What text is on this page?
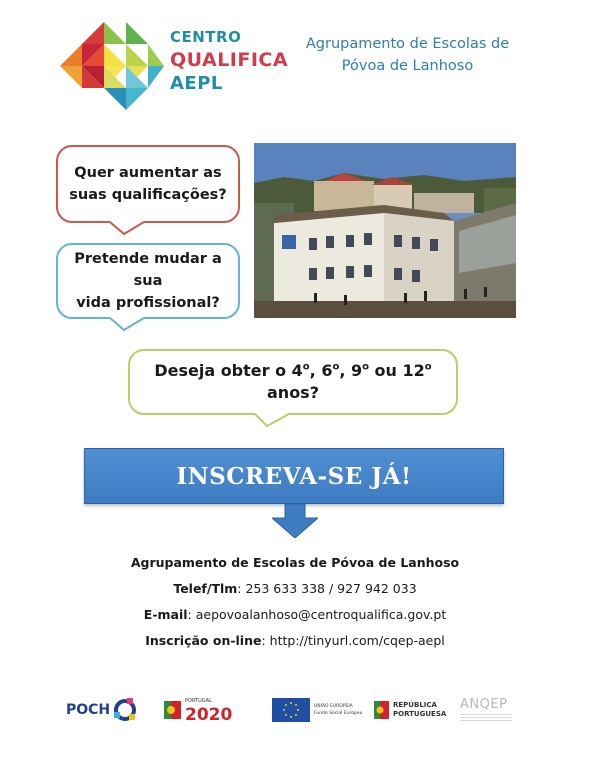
CENTRO
QUALIFICA
AEPL
Agrupamento de Escolas de
Póvoa de Lanhoso
Quer aumentar as
suas qualificações?
Pretende mudar a sua
vida profissional?
Deseja obter o 4$^o$, 6$^o$, 9$^o$ ou 12$^o$ anos?
INSCREVA-SE JÁ!
Agrupamento de Escolas de Póvoa de Lanhoso
Telef/Tlm: 253 633 338 / 927 942 033
E-mail: aepovoalanhoso@centroqualifica.gov.pt
Inscrição on-line: http://tinyurl.com/cqep-aepl
POCH
PORTUGAL
2020	UNIÃO EUROPEIA
Fundo Social Europeu
REPÚBLICA
PORTUGUESA
ANQEP
